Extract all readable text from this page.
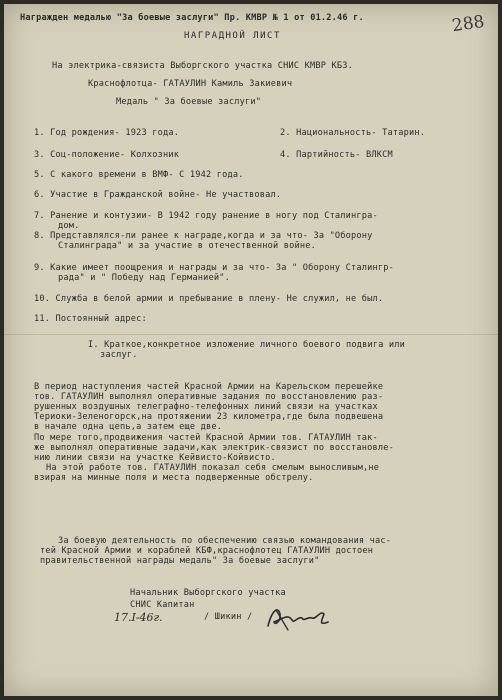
Награжден медалью "За боевые заслуги" Пр. КМВР № 1 от 01.2.46 г.	288
НАГРАДНОЙ ЛИСТ
На электрика-связиста Выборгского участка СНИС КМВР КБЗ.
Краснофлотца- ГАТАУЛИН Камиль Закиевич
Медаль " За боевые заслуги"
1. Год рождения- 1923 года.	2. Национальность- Татарин.
3. Соц-положение- Колхозник	4. Партийность- ВЛКСМ
5. С какого времени в ВМФ- С 1942 года.
6. Участие в Гражданской войне- Не участвовал.
7. Ранение и контузии- В 1942 году ранение в ногу под Сталингра-
дом.
8. Представлялся-ли ранее к награде,когда и за что- За "Оборону
Сталинграда" и за участие в отечественной войне.
9. Какие имеет поощрения и награды и за что- За " Оборону Сталингр-
рада" и " Победу над Германией".
10. Служба в белой армии и пребывание в плену- Не служил, не был.
11. Постоянный адрес:
I. Краткое,конкретное изложение личного боевого подвига или
заслуг.
В период наступления частей Красной Армии на Карельском перешейке
тов. ГАТАУЛИН выполнял оперативные задания по восстановлению раз-
рушенных воздушных телеграфно-телефонных линий связи на участках
Териоки-Зеленогорск,на протяжении 23 километра,где была подвешена
в начале одна цепь,а затем еще две.
По мере того,продвижения частей Красной Армии тов. ГАТАУЛИН так-
же выполнял оперативные задачи,как электрик-связист по восстановле-
нию линии связи на участке Кейвисто-Койвисто.
На этой работе тов. ГАТАУЛИН показал себя смелым выносливым,не
взирая на минные поля и места подверженные обстрелу.
За боевую деятельность по обеспечению связью командования час-
тей Красной Армии и кораблей КБФ,краснофлотец ГАТАУЛИН достоен
правительственной награды медаль" За боевые заслуги"
Начальник Выборгского участка
СНИС Капитан
/ Шикин /
17.I-46г.
